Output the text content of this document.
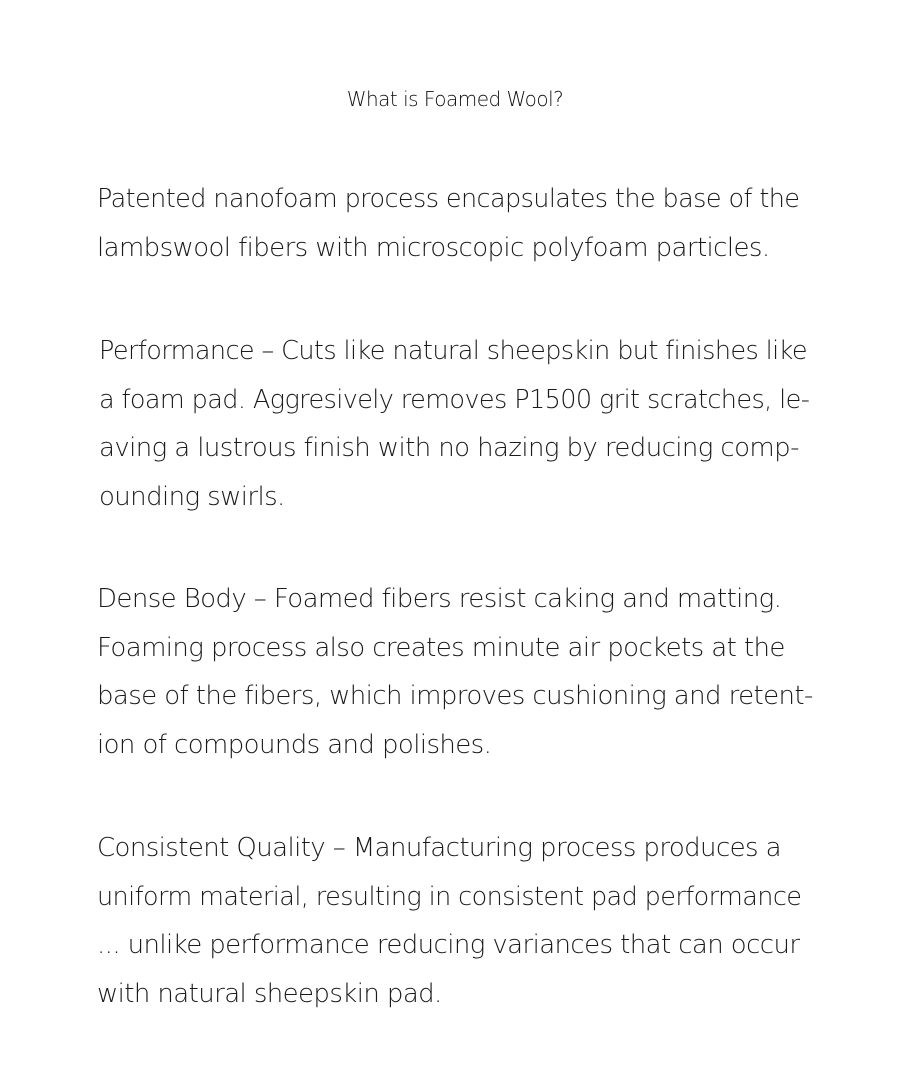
What is Foamed Wool?
Patented nanofoam process encapsulates the base of the
lambswool fibers with microscopic polyfoam particles.
Performance – Cuts like natural sheepskin but finishes like
a foam pad. Aggresively removes P1500 grit scratches, le-
aving a lustrous finish with no hazing by reducing comp-
ounding swirls.
Dense Body – Foamed fibers resist caking and matting.
Foaming process also creates minute air pockets at the
base of the fibers, which improves cushioning and retent-
ion of compounds and polishes.
Consistent Quality – Manufacturing process produces a
uniform material, resulting in consistent pad performance
... unlike performance reducing variances that can occur
with natural sheepskin pad.
